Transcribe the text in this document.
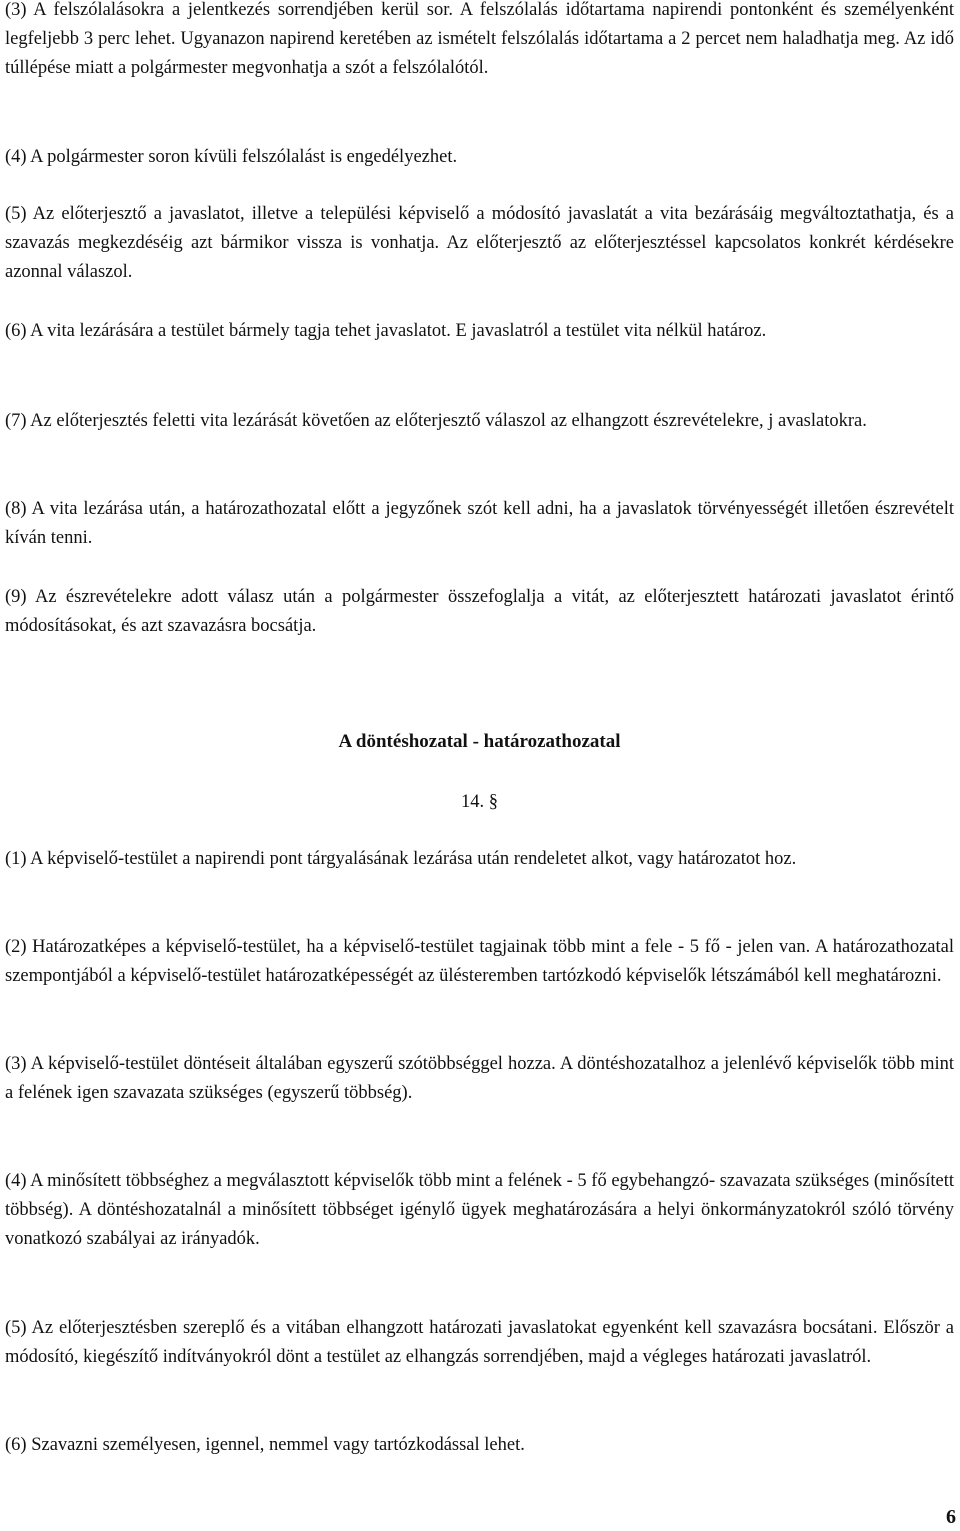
(3) A felszólalásokra a jelentkezés sorrendjében kerül sor. A felszólalás időtartama napirendi pontonként és személyenként legfeljebb 3 perc lehet. Ugyanazon napirend keretében az ismételt felszólalás időtartama a 2 percet nem haladhatja meg. Az idő túllépése miatt a polgármester megvonhatja a szót a felszólalótól.

(4) A polgármester soron kívüli felszólalást is engedélyezhet.

(5) Az előterjesztő a javaslatot, illetve a települési képviselő a módosító javaslatát a vita bezárásáig megváltoztathatja, és a szavazás megkezdéséig azt bármikor vissza is vonhatja. Az előterjesztő az előterjesztéssel kapcsolatos konkrét kérdésekre azonnal válaszol.

(6) A vita lezárására a testület bármely tagja tehet javaslatot. E javaslatról a testület vita nélkül határoz.

(7) Az előterjesztés feletti vita lezárását követően az előterjesztő válaszol az elhangzott észrevételekre, j avaslatokra.

(8) A vita lezárása után, a határozathozatal előtt a jegyzőnek szót kell adni, ha a javaslatok törvényességét illetően észrevételt kíván tenni.

(9) Az észrevételekre adott válasz után a polgármester összefoglalja a vitát, az előterjesztett határozati javaslatot érintő módosításokat, és azt szavazásra bocsátja.

A döntéshozatal - határozathozatal

14. §

(1) A képviselő-testület a napirendi pont tárgyalásának lezárása után rendeletet alkot, vagy határozatot hoz.

(2) Határozatképes a képviselő-testület, ha a képviselő-testület tagjainak több mint a fele - 5 fő - jelen van. A határozathozatal szempontjából a képviselő-testület határozatképességét az ülésteremben tartózkodó képviselők létszámából kell meghatározni.

(3) A képviselő-testület döntéseit általában egyszerű szótöbbséggel hozza. A döntéshozatalhoz a jelenlévő képviselők több mint a felének igen szavazata szükséges (egyszerű többség).

(4) A minősített többséghez a megválasztott képviselők több mint a felének - 5 fő egybehangzó- szavazata szükséges (minősített többség). A döntéshozatalnál a minősített többséget igénylő ügyek meghatározására a helyi önkormányzatokról szóló törvény vonatkozó szabályai az irányadók.

(5) Az előterjesztésben szereplő és a vitában elhangzott határozati javaslatokat egyenként kell szavazásra bocsátani. Először a módosító, kiegészítő indítványokról dönt a testület az elhangzás sorrendjében, majd a végleges határozati javaslatról.

(6) Szavazni személyesen, igennel, nemmel vagy tartózkodással lehet.

6
